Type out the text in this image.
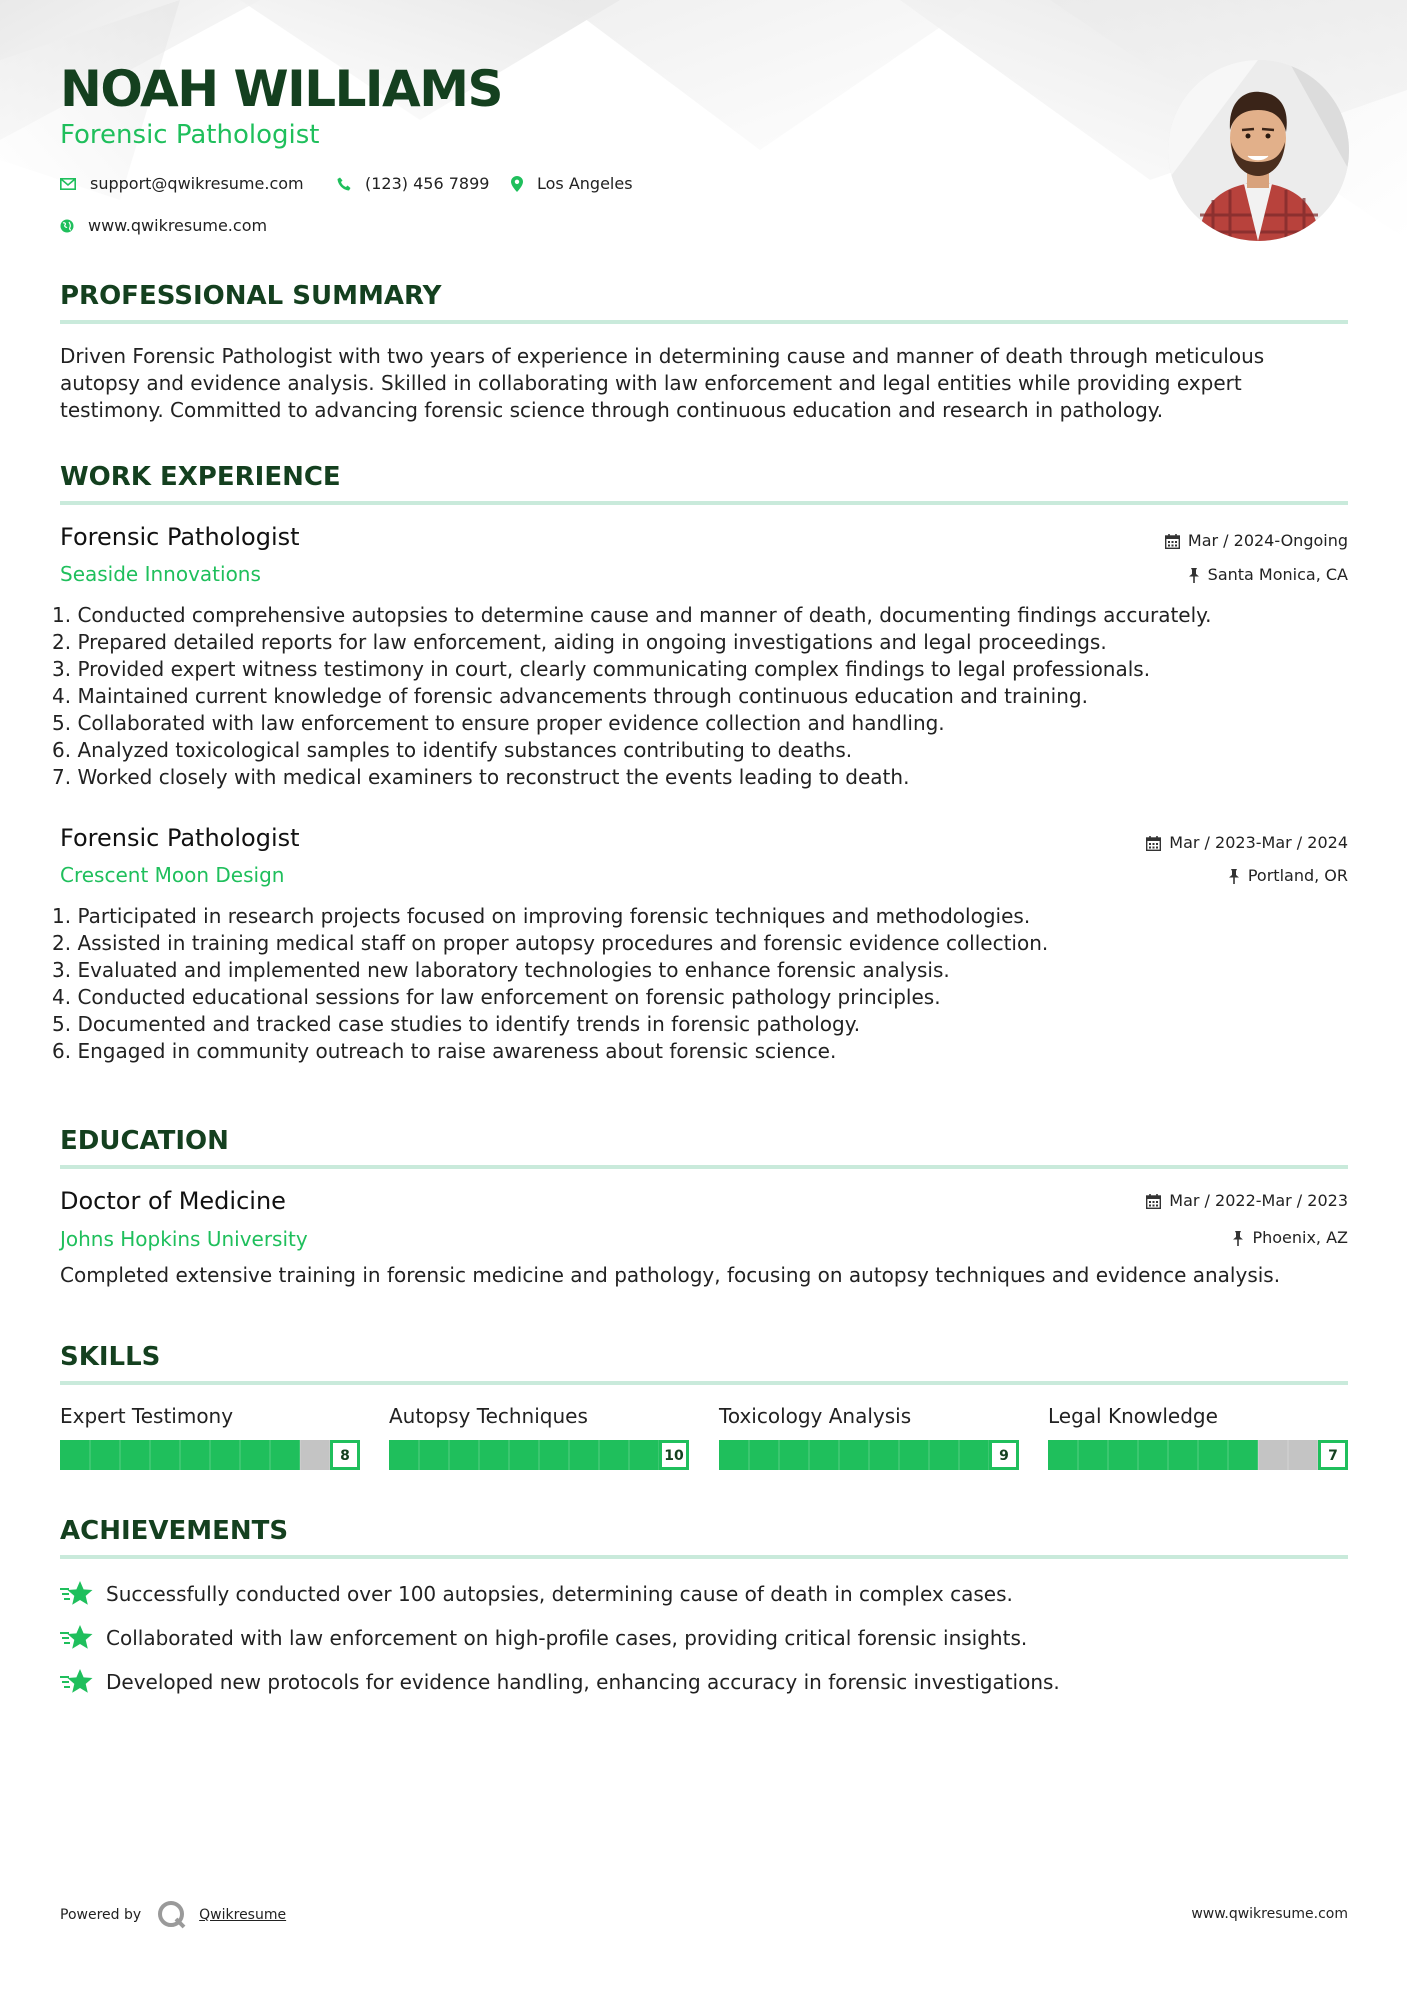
NOAH WILLIAMS
Forensic Pathologist
support@qwikresume.com	(123) 456 7899	Los Angeles
www.qwikresume.com
PROFESSIONAL SUMMARY
Driven Forensic Pathologist with two years of experience in determining cause and manner of death through meticulous autopsy and evidence analysis. Skilled in collaborating with law enforcement and legal entities while providing expert testimony. Committed to advancing forensic science through continuous education and research in pathology.
WORK EXPERIENCE
Forensic Pathologist
Seaside Innovations
Mar / 2024-Ongoing
Santa Monica, CA
1. Conducted comprehensive autopsies to determine cause and manner of death, documenting findings accurately.
2. Prepared detailed reports for law enforcement, aiding in ongoing investigations and legal proceedings.
3. Provided expert witness testimony in court, clearly communicating complex findings to legal professionals.
4. Maintained current knowledge of forensic advancements through continuous education and training.
5. Collaborated with law enforcement to ensure proper evidence collection and handling.
6. Analyzed toxicological samples to identify substances contributing to deaths.
7. Worked closely with medical examiners to reconstruct the events leading to death.
Forensic Pathologist
Crescent Moon Design
Mar / 2023-Mar / 2024
Portland, OR
1. Participated in research projects focused on improving forensic techniques and methodologies.
2. Assisted in training medical staff on proper autopsy procedures and forensic evidence collection.
3. Evaluated and implemented new laboratory technologies to enhance forensic analysis.
4. Conducted educational sessions for law enforcement on forensic pathology principles.
5. Documented and tracked case studies to identify trends in forensic pathology.
6. Engaged in community outreach to raise awareness about forensic science.
EDUCATION
Doctor of Medicine
Johns Hopkins University
Mar / 2022-Mar / 2023
Phoenix, AZ
Completed extensive training in forensic medicine and pathology, focusing on autopsy techniques and evidence analysis.
SKILLS
Expert Testimony
8
Autopsy Techniques
10
Toxicology Analysis
9
Legal Knowledge
7
ACHIEVEMENTS
Successfully conducted over 100 autopsies, determining cause of death in complex cases.
Collaborated with law enforcement on high-profile cases, providing critical forensic insights.
Developed new protocols for evidence handling, enhancing accuracy in forensic investigations.
Powered by	Qwikresume	www.qwikresume.com
